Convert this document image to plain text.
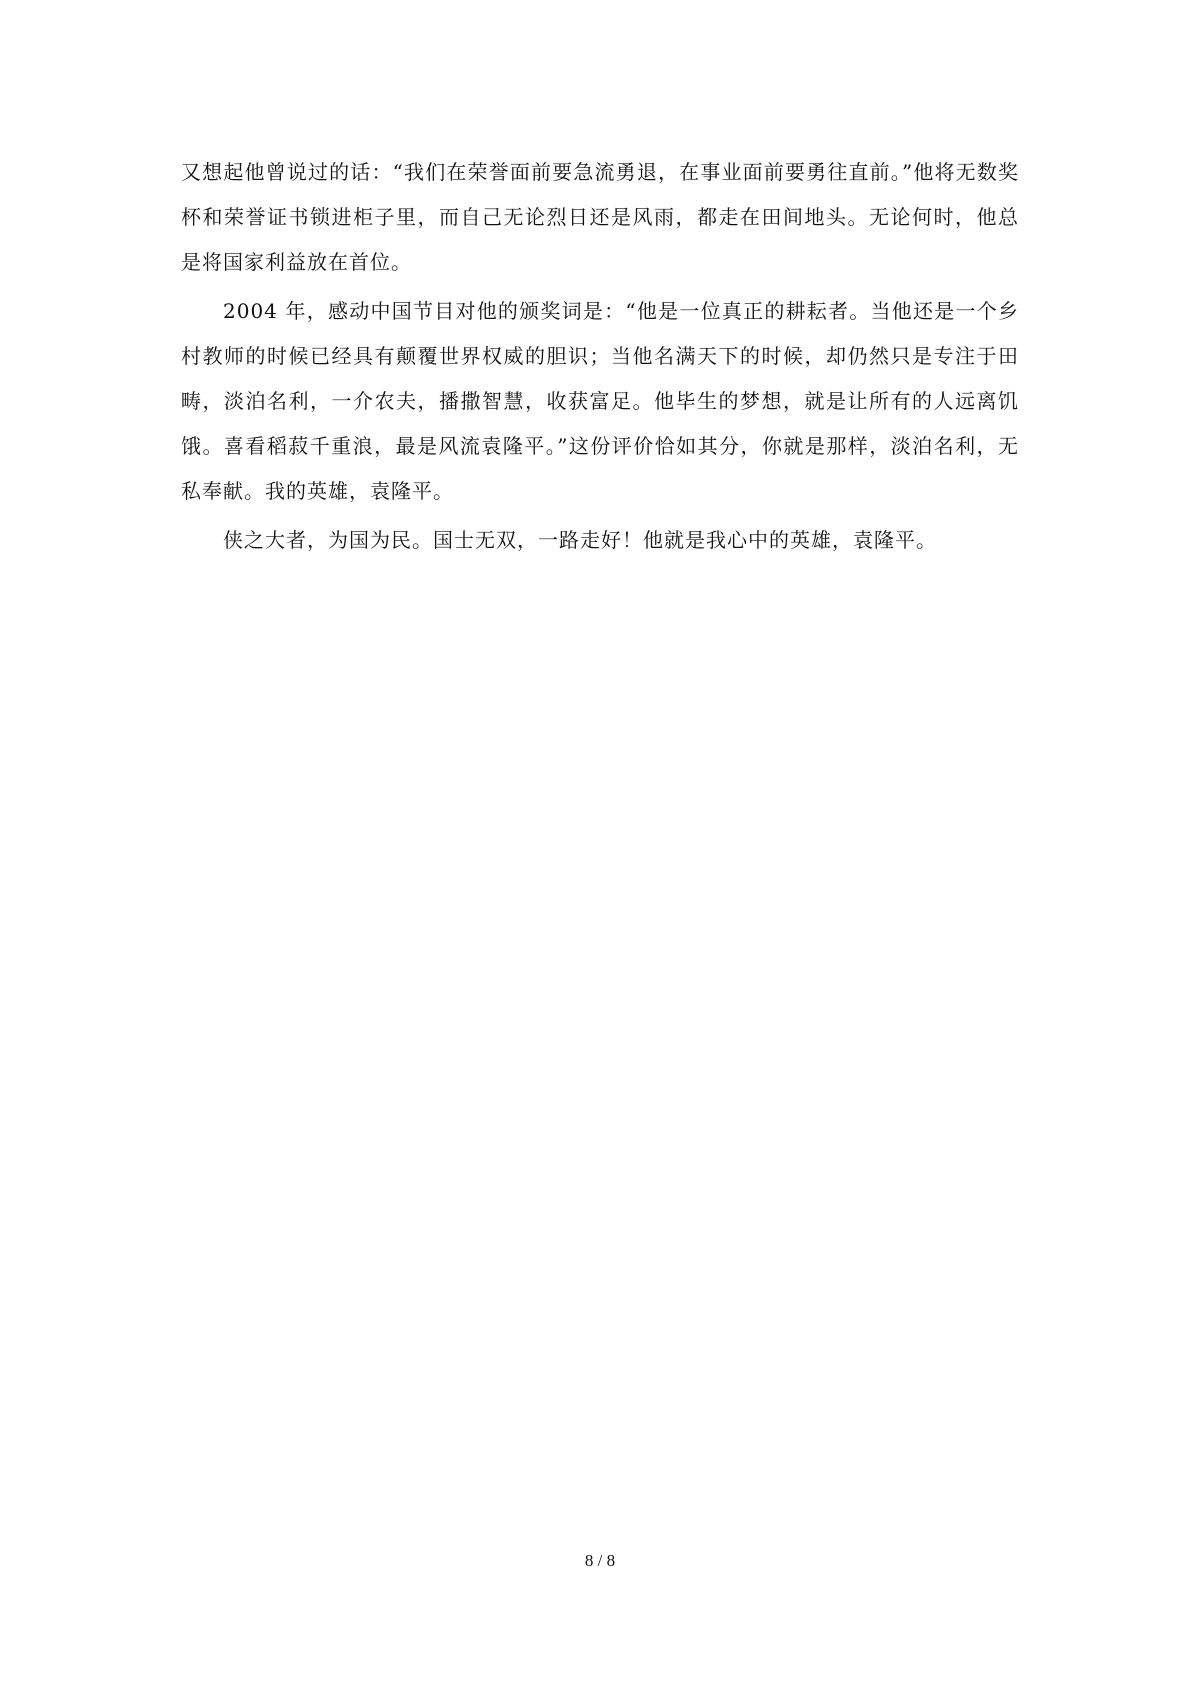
又想起他曾说过的话：“我们在荣誉面前要急流勇退，在事业面前要勇往直前。”他将无数奖杯和荣誉证书锁进柜子里，而自己无论烈日还是风雨，都走在田间地头。无论何时，他总是将国家利益放在首位。

2004 年，感动中国节目对他的颁奖词是：“他是一位真正的耕耘者。当他还是一个乡村教师的时候已经具有颠覆世界权威的胆识；当他名满天下的时候，却仍然只是专注于田畴，淡泊名利，一介农夫，播撒智慧，收获富足。他毕生的梦想，就是让所有的人远离饥饿。喜看稻菽千重浪，最是风流袁隆平。”这份评价恰如其分，你就是那样，淡泊名利，无私奉献。我的英雄，袁隆平。

侠之大者，为国为民。国士无双，一路走好！他就是我心中的英雄，袁隆平。

8 / 8
